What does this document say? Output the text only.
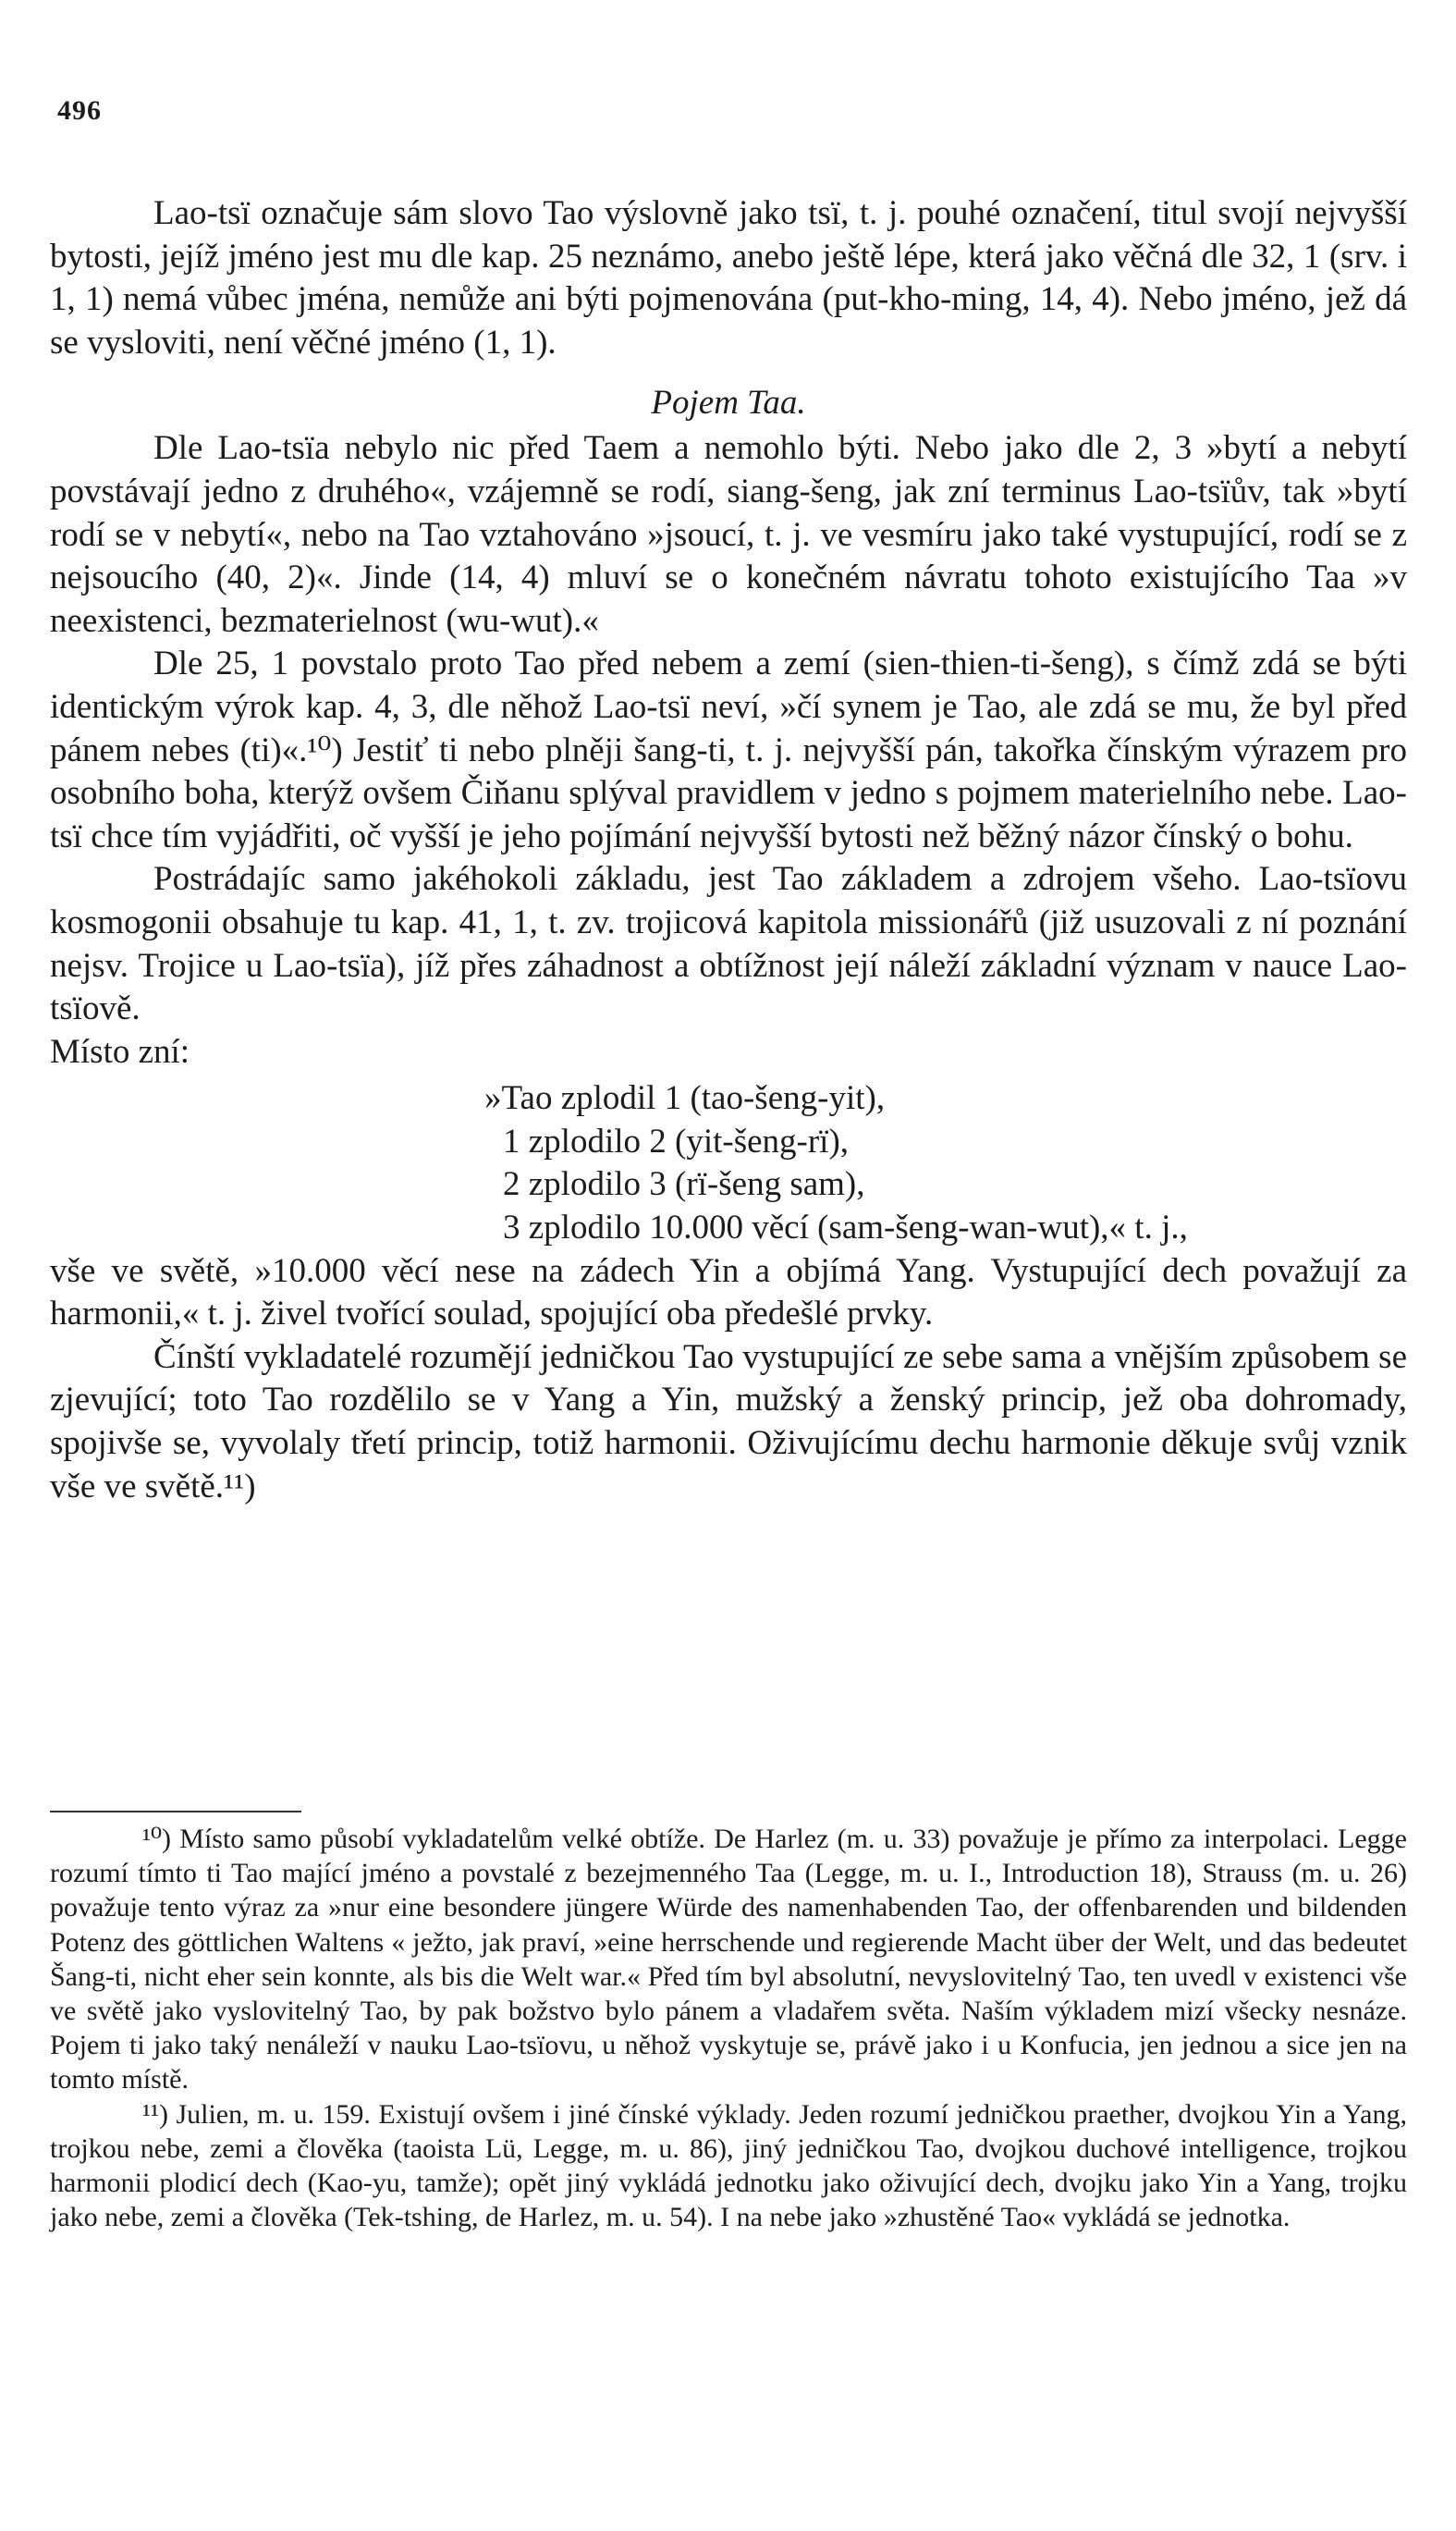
496

Lao-tsï označuje sám slovo Tao výslovně jako tsï, t. j. pouhé označení, titul svojí nejvyšší bytosti, jejíž jméno jest mu dle kap. 25 neznámo, anebo ještě lépe, která jako věčná dle 32, 1 (srv. i 1, 1) nemá vůbec jména, nemůže ani býti pojmenována (put-kho-ming, 14, 4). Nebo jméno, jež dá se vysloviti, není věčné jméno (1, 1).

Pojem Taa.

Dle Lao-tsïa nebylo nic před Taem a nemohlo býti. Nebo jako dle 2, 3 »bytí a nebytí povstávají jedno z druhého«, vzájemně se rodí, siang-šeng, jak zní terminus Lao-tsïův, tak »bytí rodí se v nebytí«, nebo na Tao vztahováno »jsoucí, t. j. ve vesmíru jako také vystupující, rodí se z nejsoucího (40, 2)«. Jinde (14, 4) mluví se o konečném návratu tohoto existujícího Taa »v neexistenci, bezmaterielnost (wu-wut).«

Dle 25, 1 povstalo proto Tao před nebem a zemí (sien-thien-ti-šeng), s čímž zdá se býti identickým výrok kap. 4, 3, dle něhož Lao-tsï neví, »čí synem je Tao, ale zdá se mu, že byl před pánem nebes (ti)«.¹⁰) Jestiť ti nebo plněji šang-ti, t. j. nejvyšší pán, takořka čínským výrazem pro osobního boha, kterýž ovšem Čiňanu splýval pravidlem v jedno s pojmem materielního nebe. Lao-tsï chce tím vyjádřiti, oč vyšší je jeho pojímání nejvyšší bytosti než běžný názor čínský o bohu.

Postrádajíc samo jakéhokoli základu, jest Tao základem a zdrojem všeho. Lao-tsïovu kosmogonii obsahuje tu kap. 41, 1, t. zv. trojicová kapitola missionářů (již usuzovali z ní poznání nejsv. Trojice u Lao-tsïa), jíž přes záhadnost a obtížnost její náleží základní význam v nauce Lao-tsïově.

Místo zní:

»Tao zplodil 1 (tao-šeng-yit),
1 zplodilo 2 (yit-šeng-rï),
2 zplodilo 3 (rï-šeng sam),
3 zplodilo 10.000 věcí (sam-šeng-wan-wut),« t. j.,

vše ve světě, »10.000 věcí nese na zádech Yin a objímá Yang. Vystupující dech považují za harmonii,« t. j. živel tvořící soulad, spojující oba předešlé prvky.

Čínští vykladatelé rozumějí jedničkou Tao vystupující ze sebe sama a vnějším způsobem se zjevující; toto Tao rozdělilo se v Yang a Yin, mužský a ženský princip, jež oba dohromady, spojivše se, vyvolaly třetí princip, totiž harmonii. Oživujícímu dechu harmonie děkuje svůj vznik vše ve světě.¹¹)

¹⁰) Místo samo působí vykladatelům velké obtíže. De Harlez (m. u. 33) považuje je přímo za interpolaci. Legge rozumí tímto ti Tao mající jméno a povstalé z bezejmenného Taa (Legge, m. u. I., Introduction 18), Strauss (m. u. 26) považuje tento výraz za »nur eine besondere jüngere Würde des namenhabenden Tao, der offenbarenden und bildenden Potenz des göttlichen Waltens « ježto, jak praví, »eine herrschende und regierende Macht über der Welt, und das bedeutet Šang-ti, nicht eher sein konnte, als bis die Welt war.« Před tím byl absolutní, nevyslovitelný Tao, ten uvedl v existenci vše ve světě jako vyslovitelný Tao, by pak božstvo bylo pánem a vladařem světa. Naším výkladem mizí všecky nesnáze. Pojem ti jako taký nenáleží v nauku Lao-tsïovu, u něhož vyskytuje se, právě jako i u Konfucia, jen jednou a sice jen na tomto místě.

¹¹) Julien, m. u. 159. Existují ovšem i jiné čínské výklady. Jeden rozumí jedničkou praether, dvojkou Yin a Yang, trojkou nebe, zemi a člověka (taoista Lü, Legge, m. u. 86), jiný jedničkou Tao, dvojkou duchové intelligence, trojkou harmonii plodicí dech (Kao-yu, tamže); opět jiný vykládá jednotku jako oživující dech, dvojku jako Yin a Yang, trojku jako nebe, zemi a člověka (Tek-tshing, de Harlez, m. u. 54). I na nebe jako »zhustěné Tao« vykládá se jednotka.
